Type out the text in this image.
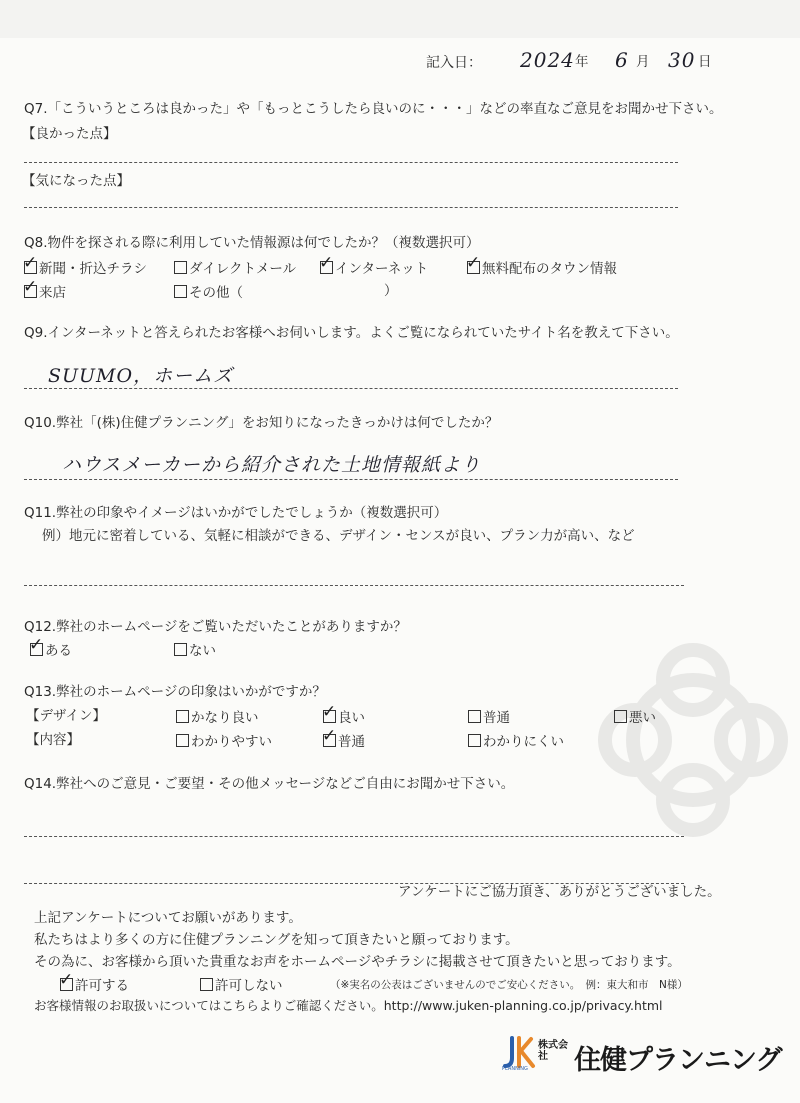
記入日： 2024 年 6 月 30 日
Q7.「こういうところは良かった」や「もっとこうしたら良いのに・・・」などの率直なご意見をお聞かせ下さい。
【良かった点】
【気になった点】
Q8.物件を探される際に利用していた情報源は何でしたか？（複数選択可）
✓ 新聞・折込チラシ	ダイレクトメール ✓ インターネット ✓ 無料配布のタウン情報
✓ 来店	その他（	）
Q9.インターネットと答えられたお客様へお伺いします。よくご覧になられていたサイト名を教えて下さい。
SUUMO，ホームズ
Q10.弊社「(株)住健プランニング」をお知りになったきっかけは何でしたか？
ハウスメーカーから紹介された土地情報紙より
Q11.弊社の印象やイメージはいかがでしたでしょうか（複数選択可）
例）地元に密着している、気軽に相談ができる、デザイン・センスが良い、プラン力が高い、など
Q12.弊社のホームページをご覧いただいたことがありますか？
✓ ある	ない
Q13.弊社のホームページの印象はいかがですか？
【デザイン】	かなり良い	✓ 良い	普通	悪い
【内容】	わかりやすい	✓ 普通	わかりにくい
Q14.弊社へのご意見・ご要望・その他メッセージなどご自由にお聞かせ下さい。
アンケートにご協力頂き、ありがとうございました。
上記アンケートについてお願いがあります。
私たちはより多くの方に住健プランニングを知って頂きたいと願っております。
その為に、お客様から頂いた貴重なお声をホームページやチラシに掲載させて頂きたいと思っております。
✓ 許可する	許可しない	（※実名の公表はございませんのでご安心ください。　例：東大和市　N様）
お客様情報のお取扱いについてはこちらよりご確認ください。http://www.juken-planning.co.jp/privacy.html
PLANNING
株式会社 住健プランニング
